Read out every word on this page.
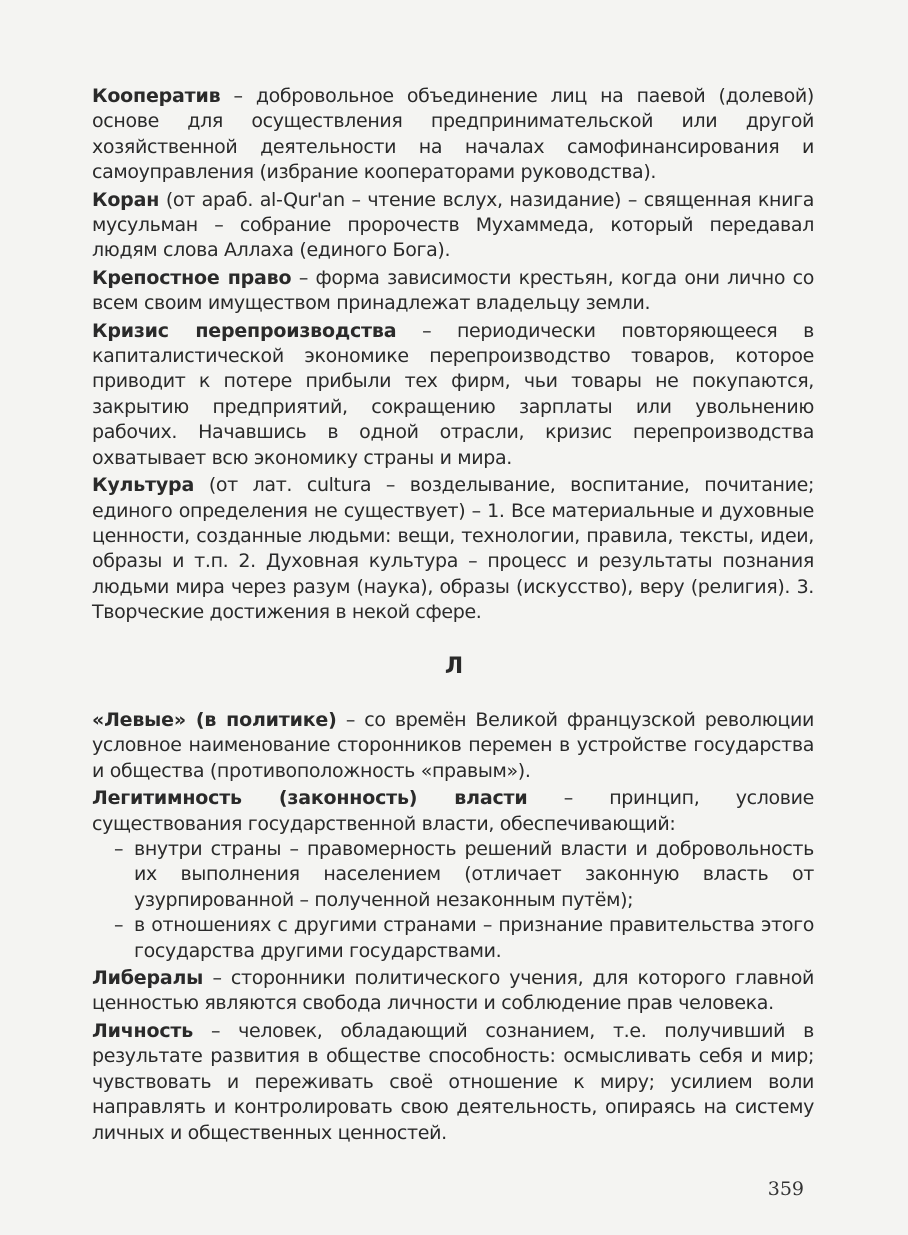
Кооператив – добровольное объединение лиц на паевой (долевой) основе для осуществления предпринимательской или другой хозяйственной деятельности на началах самофинансирования и самоуправления (избрание кооператорами руководства).

Коран (от араб. al-Qur'an – чтение вслух, назидание) – священная книга мусульман – собрание пророчеств Мухаммеда, который передавал людям слова Аллаха (единого Бога).

Крепостное право – форма зависимости крестьян, когда они лично со всем своим имуществом принадлежат владельцу земли.

Кризис перепроизводства – периодически повторяющееся в капиталистической экономике перепроизводство товаров, которое приводит к потере прибыли тех фирм, чьи товары не покупаются, закрытию предприятий, сокращению зарплаты или увольнению рабочих. Начавшись в одной отрасли, кризис перепроизводства охватывает всю экономику страны и мира.

Культура (от лат. cultura – возделывание, воспитание, почитание; единого определения не существует) – 1. Все материальные и духовные ценности, созданные людьми: вещи, технологии, правила, тексты, идеи, образы и т.п. 2. Духовная культура – процесс и результаты познания людьми мира через разум (наука), образы (искусство), веру (религия). 3. Творческие достижения в некой сфере.

Л

«Левые» (в политике) – со времён Великой французской революции условное наименование сторонников перемен в устройстве государства и общества (противоположность «правым»).

Легитимность (законность) власти – принцип, условие существования государственной власти, обеспечивающий:

– внутри страны – правомерность решений власти и добровольность их выполнения населением (отличает законную власть от узурпированной – полученной незаконным путём);

– в отношениях с другими странами – признание правительства этого государства другими государствами.

Либералы – сторонники политического учения, для которого главной ценностью являются свобода личности и соблюдение прав человека.

Личность – человек, обладающий сознанием, т.е. получивший в результате развития в обществе способность: осмысливать себя и мир; чувствовать и переживать своё отношение к миру; усилием воли направлять и контролировать свою деятельность, опираясь на систему личных и общественных ценностей.

359
